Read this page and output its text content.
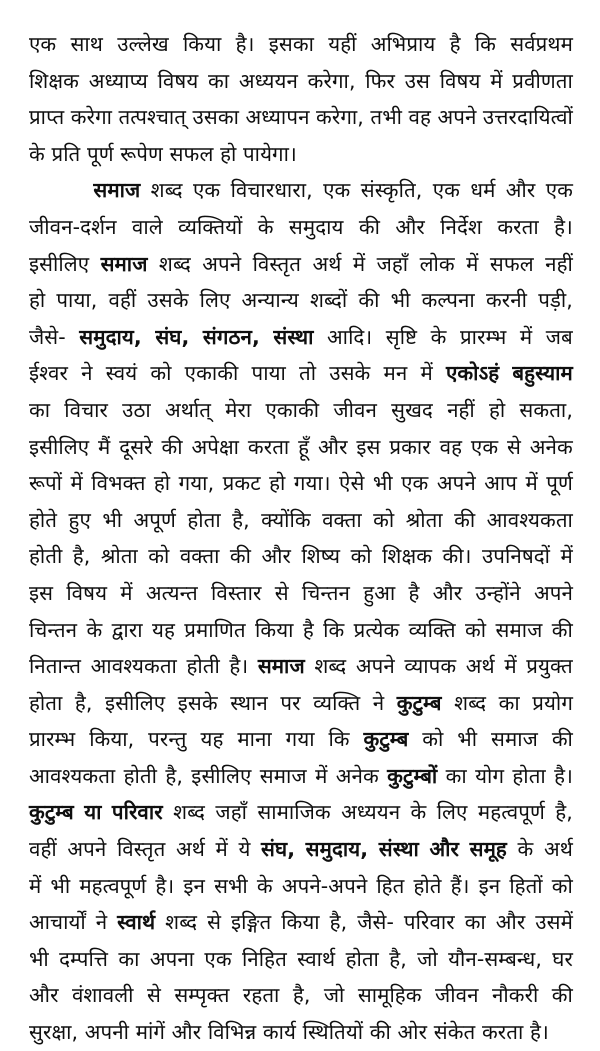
एक साथ उल्लेख किया है। इसका यहीं अभिप्राय है कि सर्वप्रथम
शिक्षक अध्याप्य विषय का अध्ययन करेगा, फिर उस विषय में प्रवीणता
प्राप्त करेगा तत्पश्चात् उसका अध्यापन करेगा, तभी वह अपने उत्तरदायित्वों
के प्रति पूर्ण रूपेण सफल हो पायेगा।
समाज शब्द एक विचारधारा, एक संस्कृति, एक धर्म और एक
जीवन-दर्शन वाले व्यक्तियों के समुदाय की और निर्देश करता है।
इसीलिए समाज शब्द अपने विस्तृत अर्थ में जहाँ लोक में सफल नहीं
हो पाया, वहीं उसके लिए अन्यान्य शब्दों की भी कल्पना करनी पड़ी,
जैसे- समुदाय, संघ, संगठन, संस्था आदि। सृष्टि के प्रारम्भ में जब
ईश्वर ने स्वयं को एकाकी पाया तो उसके मन में एकोऽहं बहुस्याम
का विचार उठा अर्थात् मेरा एकाकी जीवन सुखद नहीं हो सकता,
इसीलिए मैं दूसरे की अपेक्षा करता हूँ और इस प्रकार वह एक से अनेक
रूपों में विभक्त हो गया, प्रकट हो गया। ऐसे भी एक अपने आप में पूर्ण
होते हुए भी अपूर्ण होता है, क्योंकि वक्ता को श्रोता की आवश्यकता
होती है, श्रोता को वक्ता की और शिष्य को शिक्षक की। उपनिषदों में
इस विषय में अत्यन्त विस्तार से चिन्तन हुआ है और उन्होंने अपने
चिन्तन के द्वारा यह प्रमाणित किया है कि प्रत्येक व्यक्ति को समाज की
नितान्त आवश्यकता होती है। समाज शब्द अपने व्यापक अर्थ में प्रयुक्त
होता है, इसीलिए इसके स्थान पर व्यक्ति ने कुटुम्ब शब्द का प्रयोग
प्रारम्भ किया, परन्तु यह माना गया कि कुटुम्ब को भी समाज की
आवश्यकता होती है, इसीलिए समाज में अनेक कुटुम्बों का योग होता है।
कुटुम्ब या परिवार शब्द जहाँ सामाजिक अध्ययन के लिए महत्वपूर्ण है,
वहीं अपने विस्तृत अर्थ में ये संघ, समुदाय, संस्था और समूह के अर्थ
में भी महत्वपूर्ण है। इन सभी के अपने-अपने हित होते हैं। इन हितों को
आचार्यों ने स्वार्थ शब्द से इङ्गित किया है, जैसे- परिवार का और उसमें
भी दम्पत्ति का अपना एक निहित स्वार्थ होता है, जो यौन-सम्बन्ध, घर
और वंशावली से सम्पृक्त रहता है, जो सामूहिक जीवन नौकरी की
सुरक्षा, अपनी मांगें और विभिन्न कार्य स्थितियों की ओर संकेत करता है।
